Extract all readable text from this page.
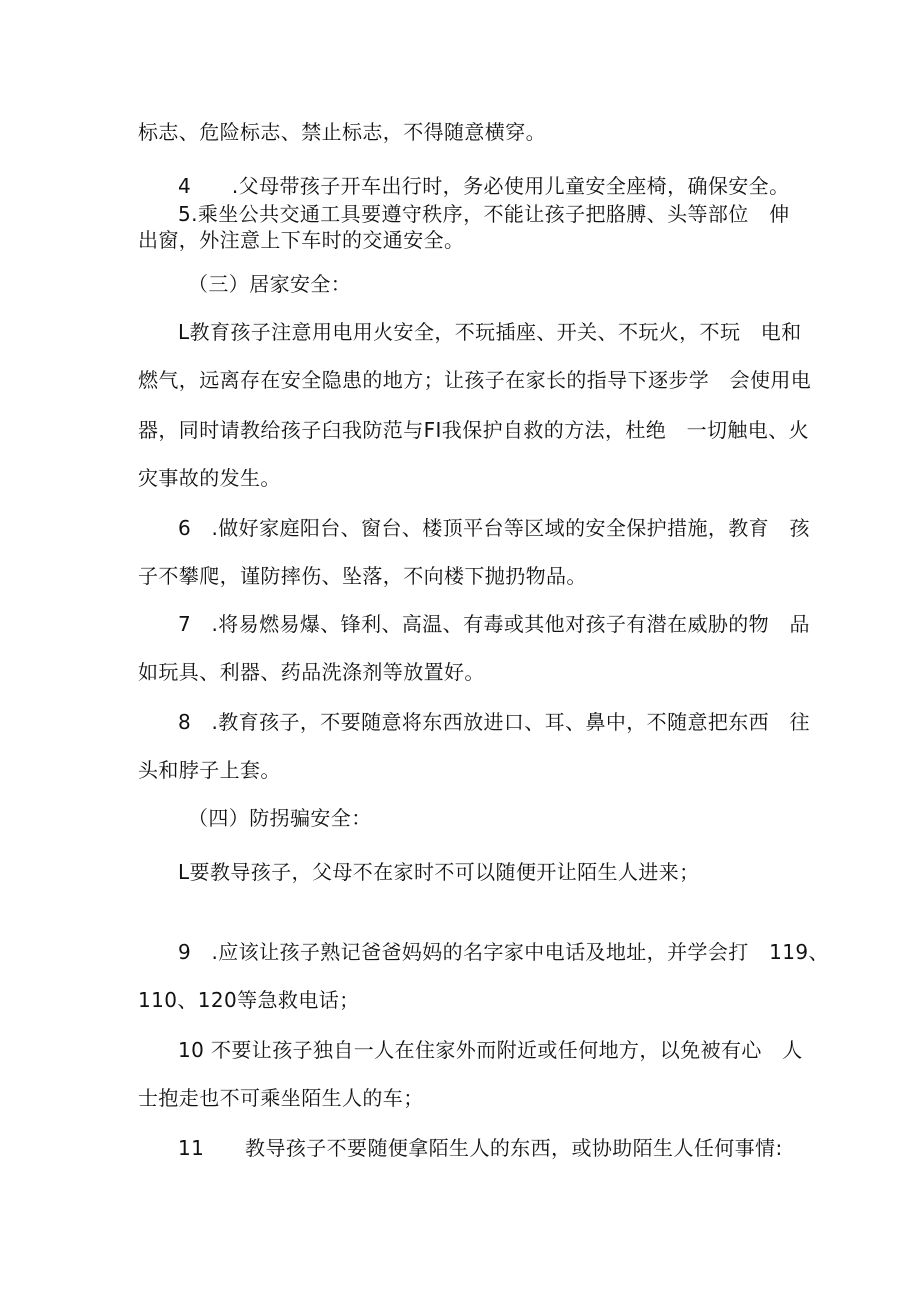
标志、危险标志、禁止标志，不得随意横穿。
4　　.父母带孩子开车出行时，务必使用儿童安全座椅，确保安全。
5.乘坐公共交通工具要遵守秩序，不能让孩子把胳膊、头等部位　伸
出窗，外注意上下车时的交通安全。
（三）居家安全：
L教育孩子注意用电用火安全，不玩插座、开关、不玩火，不玩　电和
燃气，远离存在安全隐患的地方；让孩子在家长的指导下逐步学　会使用电
器，同时请教给孩子臼我防范与FI我保护自救的方法，杜绝　一切触电、火
灾事故的发生。
6　.做好家庭阳台、窗台、楼顶平台等区域的安全保护措施，教育　孩
子不攀爬，谨防摔伤、坠落，不向楼下抛扔物品。
7　.将易燃易爆、锋利、高温、有毒或其他对孩子有潜在威胁的物　品
如玩具、利器、药品洗涤剂等放置好。
8　.教育孩子，不要随意将东西放进口、耳、鼻中，不随意把东西　往
头和脖子上套。
（四）防拐骗安全：
L要教导孩子，父母不在家时不可以随便开让陌生人进来；
9　.应该让孩子熟记爸爸妈妈的名字家中电话及地址，并学会打　119、
110、120等急救电话；
10 不要让孩子独自一人在住家外而附近或任何地方，以免被有心　人
士抱走也不可乘坐陌生人的车；
11　　教导孩子不要随便拿陌生人的东西，或协助陌生人任何事情:
